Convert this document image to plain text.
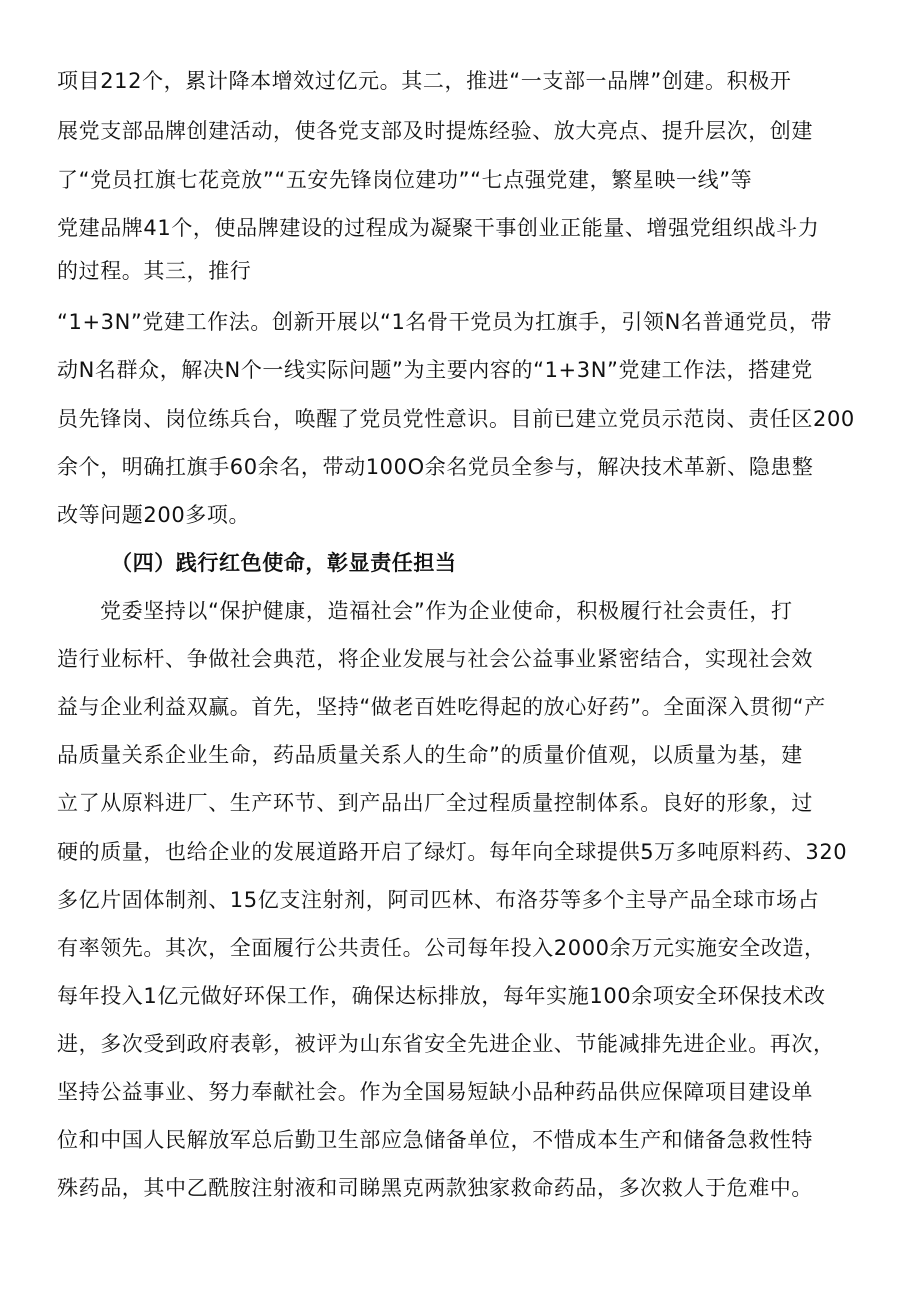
项目212个，累计降本增效过亿元。其二，推进“一支部一品牌”创建。积极开
展党支部品牌创建活动，使各党支部及时提炼经验、放大亮点、提升层次，创建
了“党员扛旗七花竞放”“五安先锋岗位建功”“七点强党建，繁星映一线”等
党建品牌41个，使品牌建设的过程成为凝聚干事创业正能量、增强党组织战斗力
的过程。其三，推行
“1+3N”党建工作法。创新开展以“1名骨干党员为扛旗手，引领N名普通党员，带
动N名群众，解决N个一线实际问题”为主要内容的“1+3N”党建工作法，搭建党
员先锋岗、岗位练兵台，唤醒了党员党性意识。目前已建立党员示范岗、责任区200
余个，明确扛旗手60余名，带动100O余名党员全参与，解决技术革新、隐患整
改等问题200多项。
（四）践行红色使命，彰显责任担当
党委坚持以“保护健康，造福社会”作为企业使命，积极履行社会责任，打
造行业标杆、争做社会典范，将企业发展与社会公益事业紧密结合，实现社会效
益与企业利益双赢。首先，坚持“做老百姓吃得起的放心好药”。全面深入贯彻“产
品质量关系企业生命，药品质量关系人的生命”的质量价值观，以质量为基，建
立了从原料进厂、生产环节、到产品出厂全过程质量控制体系。良好的形象，过
硬的质量，也给企业的发展道路开启了绿灯。每年向全球提供5万多吨原料药、320
多亿片固体制剂、15亿支注射剂，阿司匹林、布洛芬等多个主导产品全球市场占
有率领先。其次，全面履行公共责任。公司每年投入2000余万元实施安全改造，
每年投入1亿元做好环保工作，确保达标排放，每年实施100余项安全环保技术改
进，多次受到政府表彰，被评为山东省安全先进企业、节能减排先进企业。再次，
坚持公益事业、努力奉献社会。作为全国易短缺小品种药品供应保障项目建设单
位和中国人民解放军总后勤卫生部应急储备单位，不惜成本生产和储备急救性特
殊药品，其中乙酰胺注射液和司睇黑克两款独家救命药品，多次救人于危难中。
